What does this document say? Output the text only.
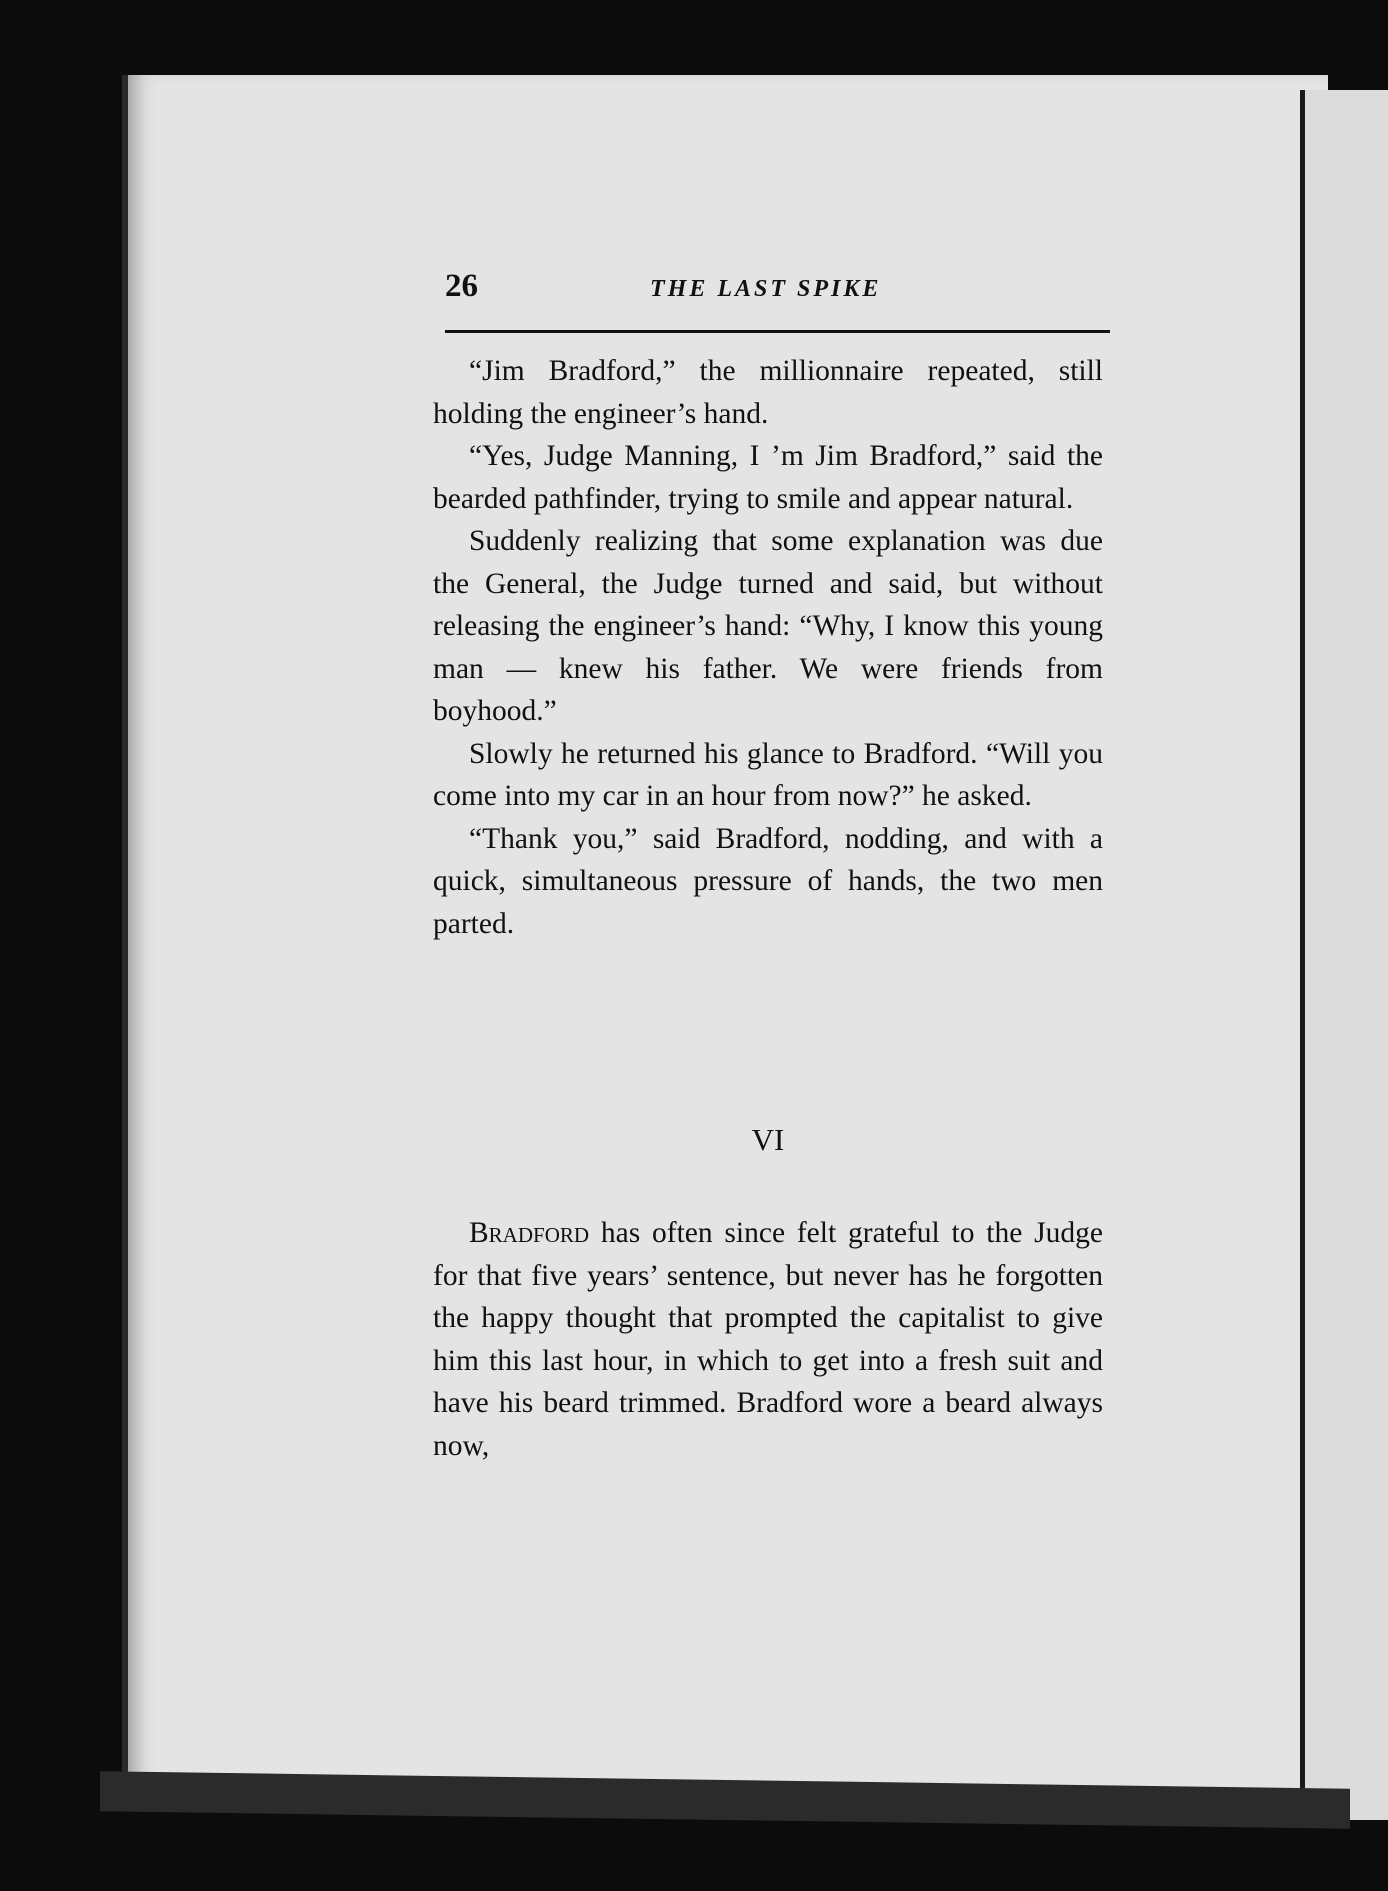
26	THE LAST SPIKE

“Jim Bradford,” the millionnaire repeated, still holding the engineer’s hand.

“Yes, Judge Manning, I ’m Jim Bradford,” said the bearded pathfinder, trying to smile and appear natural.

Suddenly realizing that some explanation was due the General, the Judge turned and said, but without releasing the engineer’s hand: “Why, I know this young man — knew his father. We were friends from boyhood.”

Slowly he returned his glance to Bradford. “Will you come into my car in an hour from now?” he asked.

“Thank you,” said Bradford, nodding, and with a quick, simultaneous pressure of hands, the two men parted.

VI

Bradford has often since felt grateful to the Judge for that five years’ sentence, but never has he forgotten the happy thought that prompted the capitalist to give him this last hour, in which to get into a fresh suit and have his beard trimmed. Bradford wore a beard always now,
